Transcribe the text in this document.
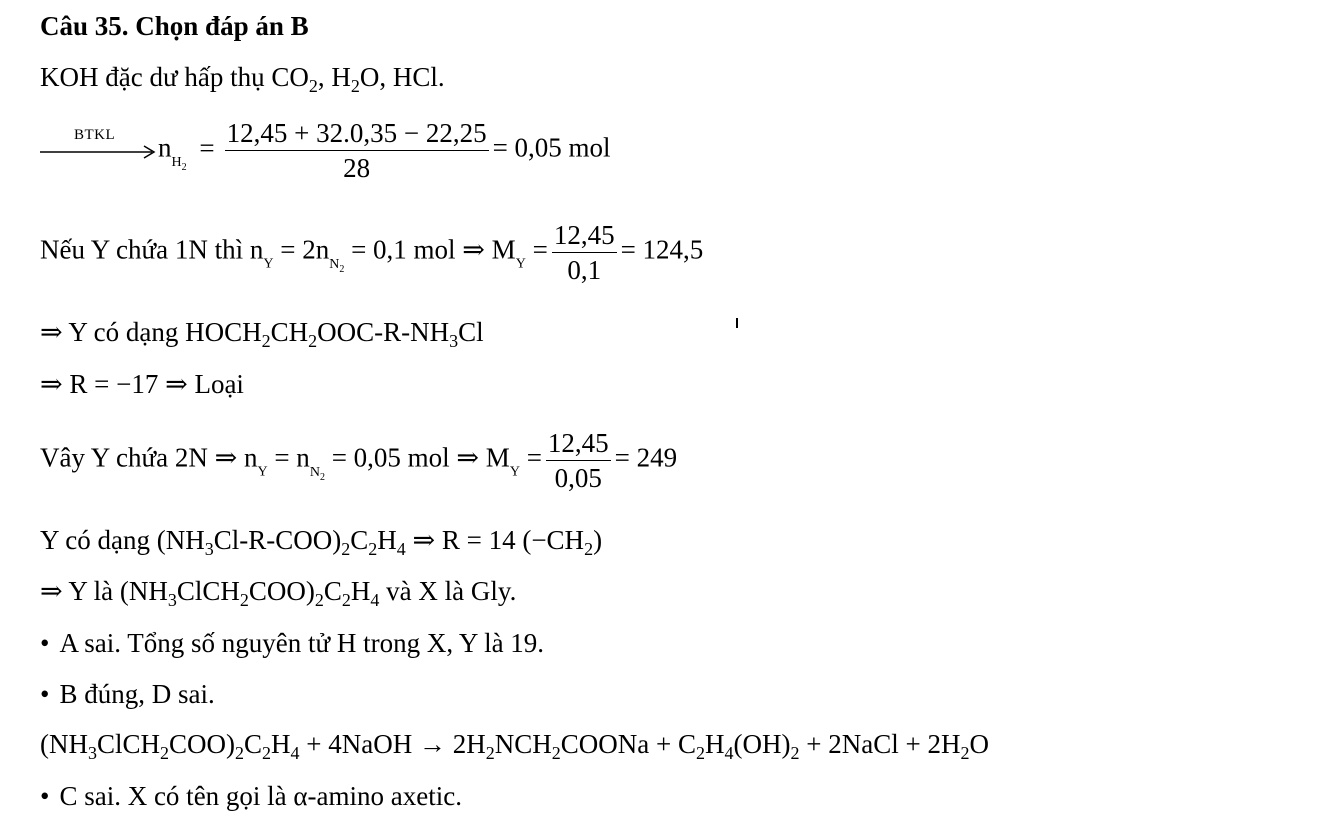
Câu 35. Chọn đáp án B
KOH đặc dư hấp thụ $CO_2$, $H_2O$, HCl.
BTKL $n_{H_2} = \frac{12,45 + 32.0,35 - 22,25}{28} = 0,05$ mol
Nếu Y chứa 1N thì $n_Y = 2n_{N_2} = 0,1$ mol ⇒ $M_Y = \frac{12,45}{0,1} = 124,5$
⇒ Y có dạng $HOCH_2CH_2OOC-R-NH_3Cl$
⇒ R = −17 ⇒ Loại
Vây Y chứa 2N ⇒ $n_Y = n_{N_2} = 0,05$ mol ⇒ $M_Y = \frac{12,45}{0,05} = 249$
Y có dạng $(NH_3Cl-R-COO)_2C_2H_4$ ⇒ R = 14 $(-CH_2)$
⇒ Y là $(NH_3ClCH_2COO)_2C_2H_4$ và X là Gly.
• A sai. Tổng số nguyên tử H trong X, Y là 19.
• B đúng, D sai.
$(NH_3ClCH_2COO)_2C_2H_4$ + 4NaOH → $2H_2NCH_2COONa + C_2H_4(OH)_2$ + 2NaCl + $2H_2O$
• C sai. X có tên gọi là α-amino axetic.
